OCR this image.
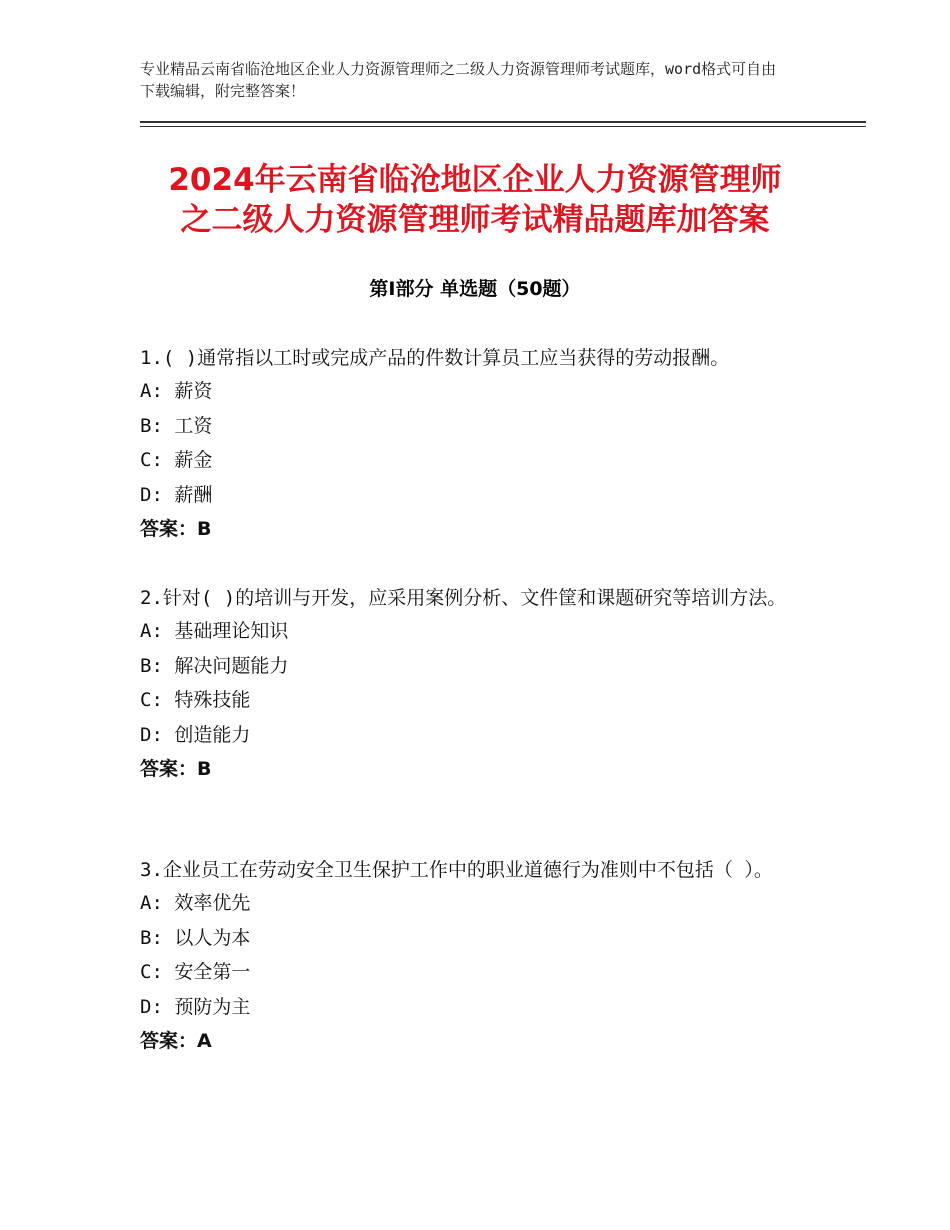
专业精品云南省临沧地区企业人力资源管理师之二级人力资源管理师考试题库，word格式可自由下载编辑，附完整答案！
2024年云南省临沧地区企业人力资源管理师
之二级人力资源管理师考试精品题库加答案
第Ⅰ部分 单选题（50题）

1.( )通常指以工时或完成产品的件数计算员工应当获得的劳动报酬。

A: 薪资

B: 工资

C: 薪金

D: 薪酬

答案：B

2.针对( )的培训与开发，应采用案例分析、文件筐和课题研究等培训方法。

A: 基础理论知识

B: 解决问题能力

C: 特殊技能

D: 创造能力

答案：B

3.企业员工在劳动安全卫生保护工作中的职业道德行为准则中不包括（ ）。

A: 效率优先

B: 以人为本

C: 安全第一

D: 预防为主

答案：A
